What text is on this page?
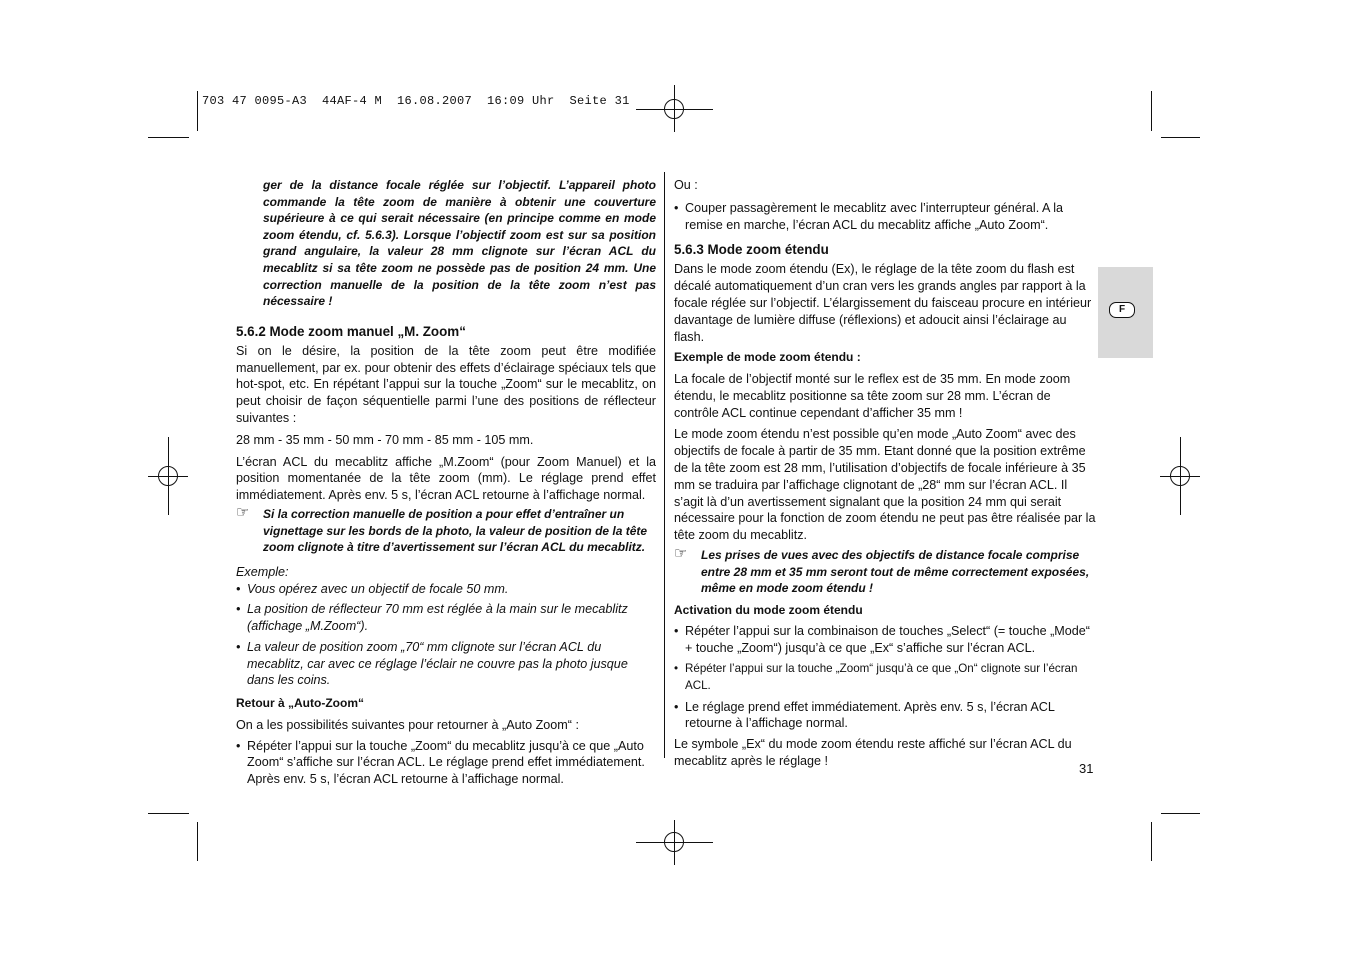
703 47 0095-A3  44AF-4 M  16.08.2007  16:09 Uhr  Seite 31

ger de la distance focale réglée sur l’objectif. L’appareil photo commande la tête zoom de manière à obtenir une couverture supérieure à ce qui serait nécessaire (en principe comme en mode zoom étendu, cf. 5.6.3). Lorsque l’objectif zoom est sur sa position grand angulaire, la valeur 28 mm clignote sur l’écran ACL du mecablitz si sa tête zoom ne possède pas de position 24 mm. Une correction manuelle de la position de la tête zoom n’est pas nécessaire !

5.6.2 Mode zoom manuel „M. Zoom“

Si on le désire, la position de la tête zoom peut être modifiée manuellement, par ex. pour obtenir des effets d’éclairage spéciaux tels que hot-spot, etc. En répétant l’appui sur la touche „Zoom“ sur le mecablitz, on peut choisir de façon séquentielle parmi l’une des positions de réflecteur suivantes :

28 mm - 35 mm - 50 mm - 70 mm - 85 mm - 105 mm.

L’écran ACL du mecablitz affiche „M.Zoom“ (pour Zoom Manuel) et la position momentanée de la tête zoom (mm). Le réglage prend effet immédiatement. Après env. 5 s, l’écran ACL retourne à l’affichage normal.

☞ Si la correction manuelle de position a pour effet d’entraîner un vignettage sur les bords de la photo, la valeur de position de la tête zoom clignote à titre d’avertissement sur l’écran ACL du mecablitz.

Exemple:

• Vous opérez avec un objectif de focale 50 mm.

• La position de réflecteur 70 mm est réglée à la main sur le mecablitz (affichage „M.Zoom“).

• La valeur de position zoom „70“ mm clignote sur l’écran ACL du mecablitz, car avec ce réglage l’éclair ne couvre pas la photo jusque dans les coins.

Retour à „Auto-Zoom“

On a les possibilités suivantes pour retourner à „Auto Zoom“ :

• Répéter l’appui sur la touche „Zoom“ du mecablitz jusqu’à ce que „Auto Zoom“ s’affiche sur l’écran ACL. Le réglage prend effet immédiatement. Après env. 5 s, l’écran ACL retourne à l’affichage normal.

Ou :

• Couper passagèrement le mecablitz avec l’interrupteur général. A la remise en marche, l’écran ACL du mecablitz affiche „Auto Zoom“.

5.6.3 Mode zoom étendu

Dans le mode zoom étendu (Ex), le réglage de la tête zoom du flash est décalé automatiquement d’un cran vers les grands angles par rapport à la focale réglée sur l’objectif. L’élargissement du faisceau procure en intérieur davantage de lumière diffuse (réflexions) et adoucit ainsi l’éclairage au flash.

Exemple de mode zoom étendu :

La focale de l’objectif monté sur le reflex est de 35 mm. En mode zoom étendu, le mecablitz positionne sa tête zoom sur 28 mm. L’écran de contrôle ACL continue cependant d’afficher 35 mm !

Le mode zoom étendu n’est possible qu’en mode „Auto Zoom“ avec des objectifs de focale à partir de 35 mm. Etant donné que la position extrême de la tête zoom est 28 mm, l’utilisation d’objectifs de focale inférieure à 35 mm se traduira par l’affichage clignotant de „28“ mm sur l’écran ACL. Il s’agit là d’un avertissement signalant que la position 24 mm qui serait nécessaire pour la fonction de zoom étendu ne peut pas être réalisée par la tête zoom du mecablitz.

☞ Les prises de vues avec des objectifs de distance focale comprise entre 28 mm et 35 mm seront tout de même correctement exposées, même en mode zoom étendu !

Activation du mode zoom étendu

• Répéter l’appui sur la combinaison de touches „Select“ (= touche „Mode“ + touche „Zoom“) jusqu’à ce que „Ex“ s’affiche sur l’écran ACL.

• Répéter l’appui sur la touche „Zoom“ jusqu’à ce que „On“ clignote sur l’écran ACL.

• Le réglage prend effet immédiatement. Après env. 5 s, l’écran ACL retourne à l’affichage normal.

Le symbole „Ex“ du mode zoom étendu reste affiché sur l’écran ACL du mecablitz après le réglage !

F
31
